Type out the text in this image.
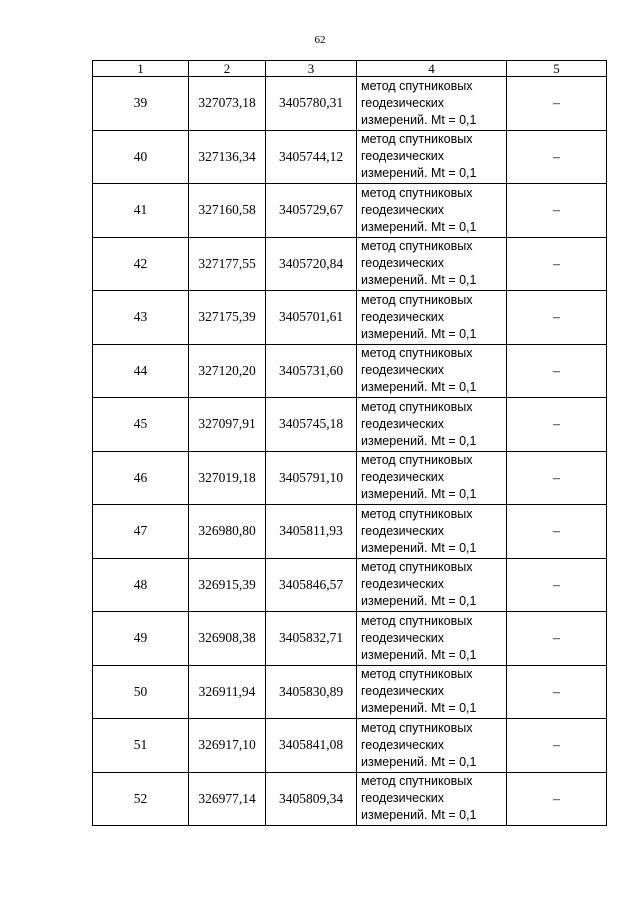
62
1	2	3	4	5
39	327073,18	3405780,31	метод спутниковых
геодезических
измерений. Mt = 0,1	–
40	327136,34	3405744,12	метод спутниковых
геодезических
измерений. Mt = 0,1	–
41	327160,58	3405729,67	метод спутниковых
геодезических
измерений. Mt = 0,1	–
42	327177,55	3405720,84	метод спутниковых
геодезических
измерений. Mt = 0,1	–
43	327175,39	3405701,61	метод спутниковых
геодезических
измерений. Mt = 0,1	–
44	327120,20	3405731,60	метод спутниковых
геодезических
измерений. Mt = 0,1	–
45	327097,91	3405745,18	метод спутниковых
геодезических
измерений. Mt = 0,1	–
46	327019,18	3405791,10	метод спутниковых
геодезических
измерений. Mt = 0,1	–
47	326980,80	3405811,93	метод спутниковых
геодезических
измерений. Mt = 0,1	–
48	326915,39	3405846,57	метод спутниковых
геодезических
измерений. Mt = 0,1	–
49	326908,38	3405832,71	метод спутниковых
геодезических
измерений. Mt = 0,1	–
50	326911,94	3405830,89	метод спутниковых
геодезических
измерений. Mt = 0,1	–
51	326917,10	3405841,08	метод спутниковых
геодезических
измерений. Mt = 0,1	–
52	326977,14	3405809,34	метод спутниковых
геодезических
измерений. Mt = 0,1	–
